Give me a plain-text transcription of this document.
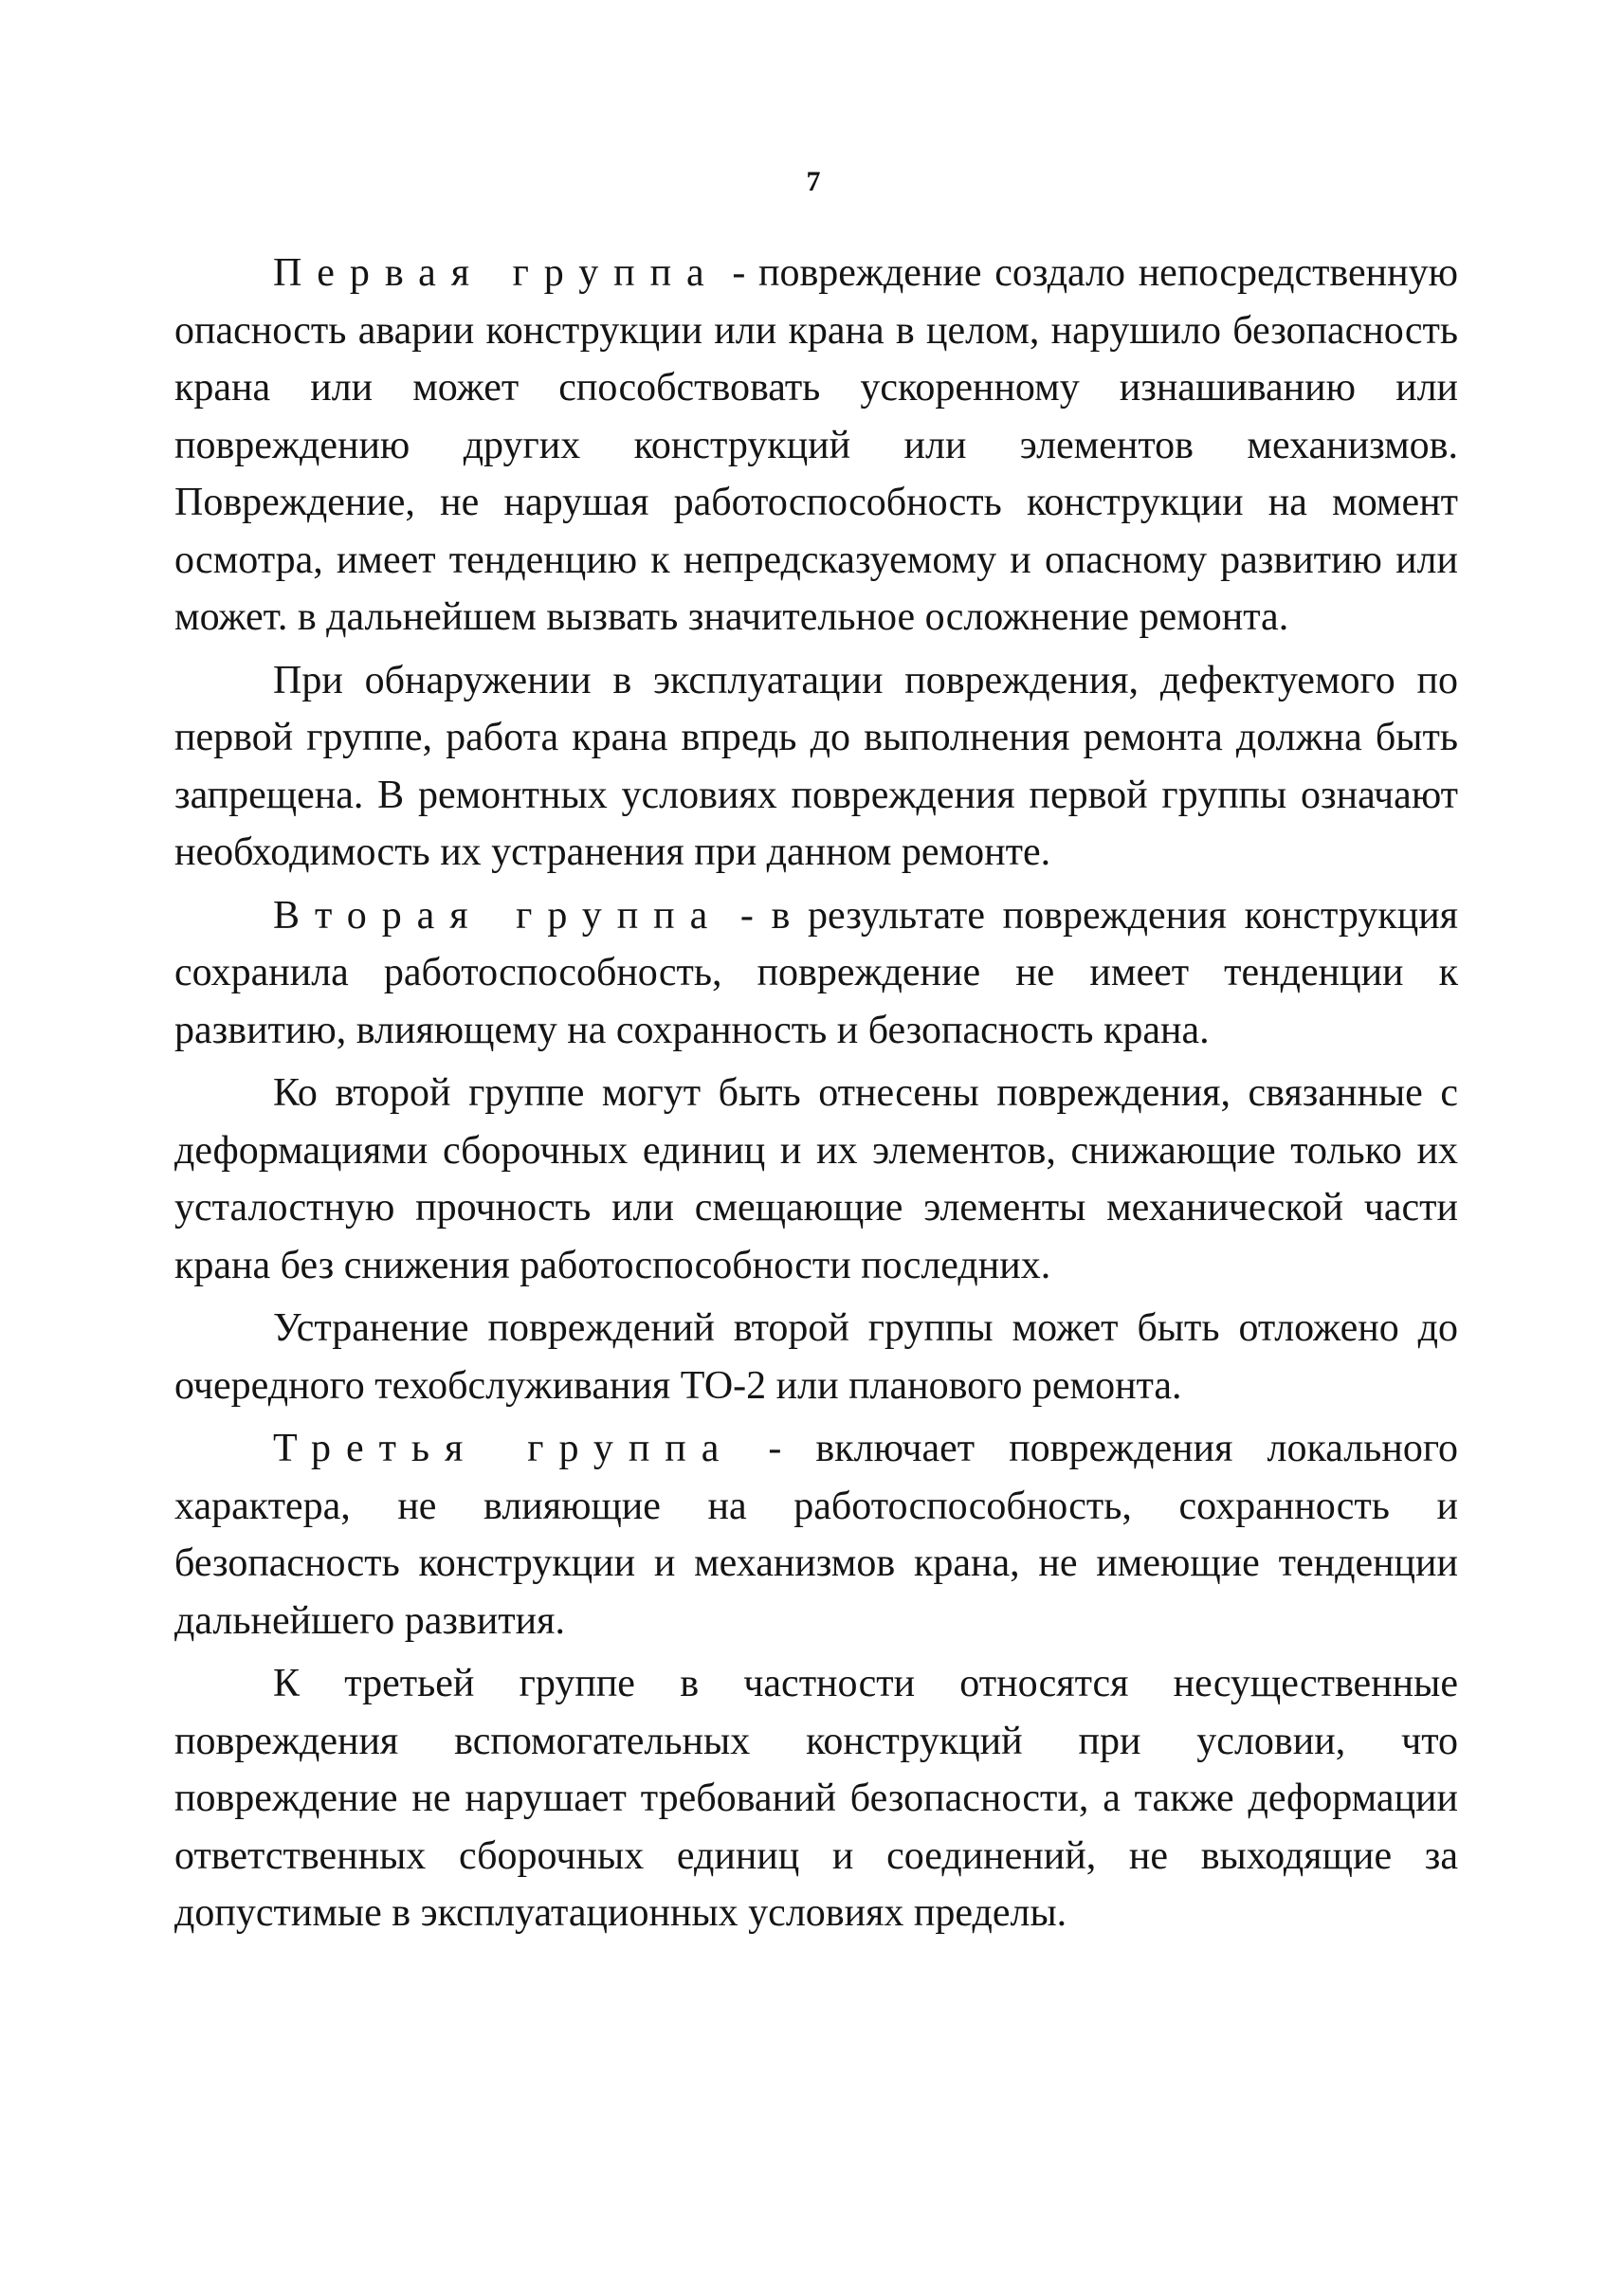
7

Первая группа - повреждение создало непосредственную опасность аварии конструкции или крана в целом, нарушило безопасность крана или может способствовать ускоренному изнашиванию или повреждению других конструкций или элементов механизмов. Повреждение, не нарушая работоспособность конструкции на момент осмотра, имеет тенденцию к непредсказуемому и опасному развитию или может. в дальнейшем вызвать значительное осложнение ремонта.

При обнаружении в эксплуатации повреждения, дефектуемого по первой группе, работа крана впредь до выполнения ремонта должна быть запрещена. В ремонтных условиях повреждения первой группы означают необходимость их устранения при данном ремонте.

Вторая группа - в результате повреждения конструкция сохранила работоспособность, повреждение не имеет тенденции к развитию, влияющему на сохранность и безопасность крана.

Ко второй группе могут быть отнесены повреждения, связанные с деформациями сборочных единиц и их элементов, снижающие только их усталостную прочность или смещающие элементы механической части крана без снижения работоспособности последних.

Устранение повреждений второй группы может быть отложено до очередного техобслуживания ТО-2 или планового ремонта.

Третья группа - включает повреждения локального характера, не влияющие на работоспособность, сохранность и безопасность конструкции и механизмов крана, не имеющие тенденции дальнейшего развития.

К третьей группе в частности относятся несущественные повреждения вспомогательных конструкций при условии, что повреждение не нарушает требований безопасности, а также деформации ответственных сборочных единиц и соединений, не выходящие за допустимые в эксплуатационных условиях пределы.
